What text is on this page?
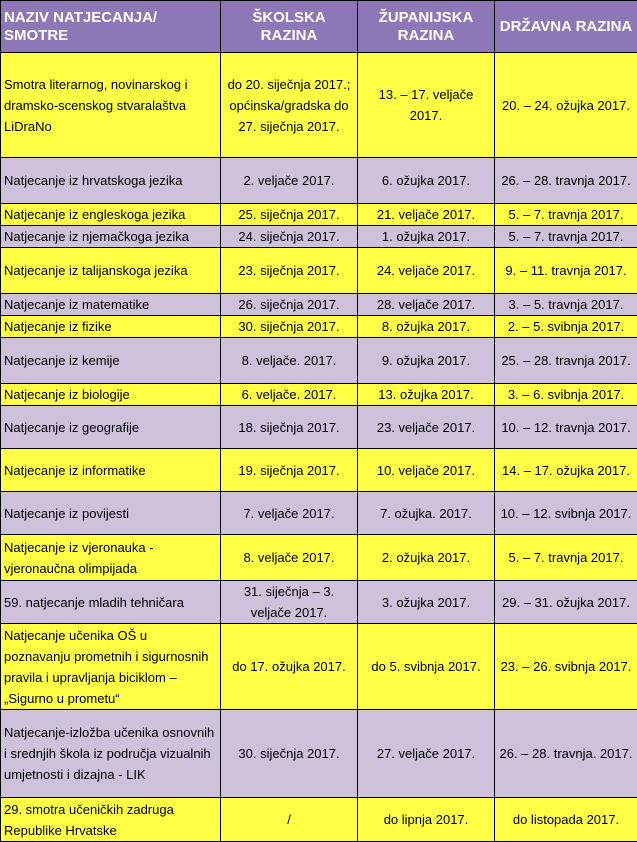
NAZIV NATJECANJA/ SMOTRE	ŠKOLSKA RAZINA	ŽUPANIJSKA RAZINA	DRŽAVNA RAZINA
Smotra literarnog, novinarskog i dramsko-scenskog stvaralaštva LiDraNo	do 20. siječnja 2017.; općinska/gradska do 27. siječnja 2017.	13. – 17. veljače 2017.	20. – 24. ožujka 2017.
Natjecanje iz hrvatskoga jezika	2. veljače 2017.	6. ožujka 2017.	26. – 28. travnja 2017.
Natjecanje iz engleskoga jezika	25. siječnja 2017.	21. veljače 2017.	5. – 7. travnja 2017.
Natjecanje iz njemačkoga jezika	24. siječnja 2017.	1. ožujka 2017.	5. – 7. travnja 2017.
Natjecanje iz talijanskoga jezika	23. siječnja 2017.	24. veljače 2017.	9. – 11. travnja 2017.
Natjecanje iz matematike	26. siječnja 2017.	28. veljače 2017.	3. – 5. travnja 2017.
Natjecanje iz fizike	30. siječnja 2017.	8. ožujka 2017.	2. – 5. svibnja 2017.
Natjecanje iz kemije	8. veljače. 2017.	9. ožujka 2017.	25. – 28. travnja 2017.
Natjecanje iz biologije	6. veljače. 2017.	13. ožujka 2017.	3. – 6. svibnja 2017.
Natjecanje iz geografije	18. siječnja 2017.	23. veljače 2017.	10. – 12. travnja 2017.
Natjecanje iz informatike	19. siječnja 2017.	10. veljače 2017.	14. – 17. ožujka 2017.
Natjecanje iz povijesti	7. veljače 2017.	7. ožujka. 2017.	10. – 12. svibnja 2017.
Natjecanje iz vjeronauka - vjeronaučna olimpijada	8. veljače 2017.	2. ožujka 2017.	5. – 7. travnja 2017.
59. natjecanje mladih tehničara	31. siječnja – 3. veljače 2017.	3. ožujka 2017.	29. – 31. ožujka 2017.
Natjecanje učenika OŠ u poznavanju prometnih i sigurnosnih pravila i upravljanja biciklom – „Sigurno u prometu“	do 17. ožujka 2017.	do 5. svibnja 2017.	23. – 26. svibnja 2017.
Natjecanje-izložba učenika osnovnih i srednjih škola iz područja vizualnih umjetnosti i dizajna - LIK	30. siječnja 2017.	27. veljače 2017.	26. – 28. travnja. 2017.
29. smotra učeničkih zadruga Republike Hrvatske	/	do lipnja 2017.	do listopada 2017.
